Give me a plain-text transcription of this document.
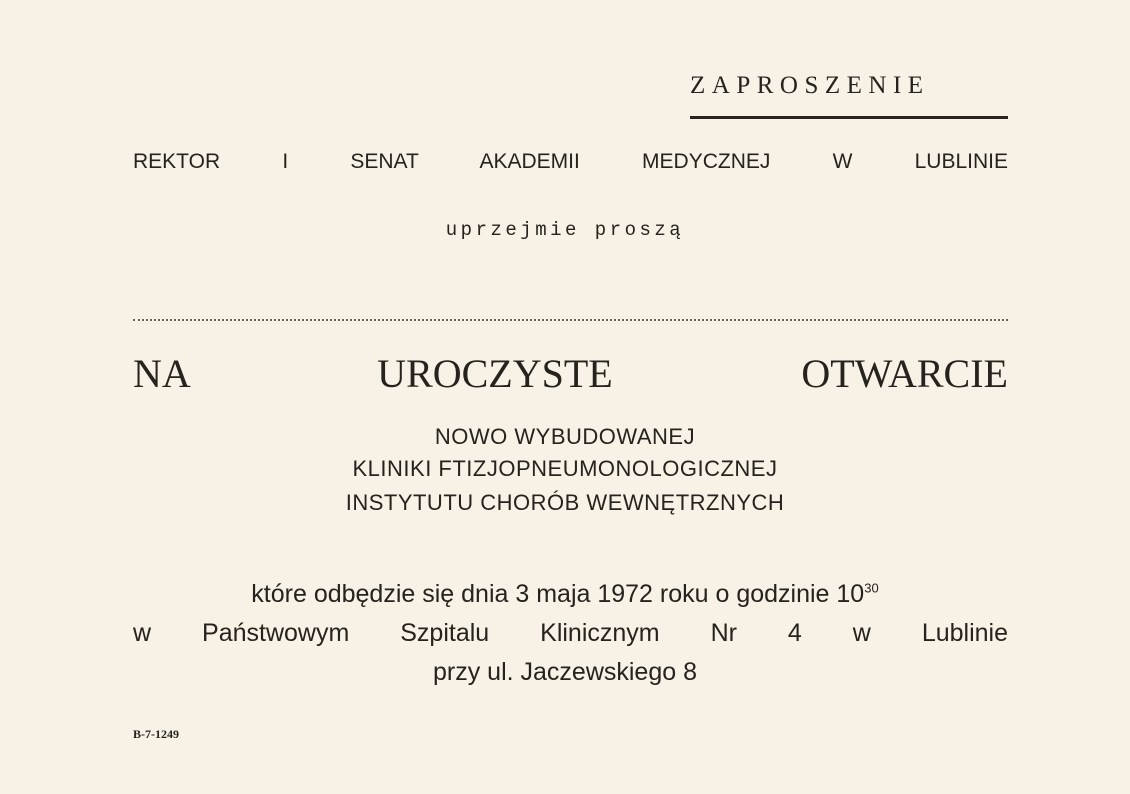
ZAPROSZENIE
REKTOR I SENAT AKADEMII MEDYCZNEJ W LUBLINIE
uprzejmie proszą
NA UROCZYSTE OTWARCIE
NOWO WYBUDOWANEJ
KLINIKI FTIZJOPNEUMONOLOGICZNEJ
INSTYTUTU CHORÓB WEWNĘTRZNYCH
które odbędzie się dnia 3 maja 1972 roku o godzinie $10^{30}$
w Państwowym Szpitalu Klinicznym Nr 4 w Lublinie
przy ul. Jaczewskiego 8
B-7-1249
